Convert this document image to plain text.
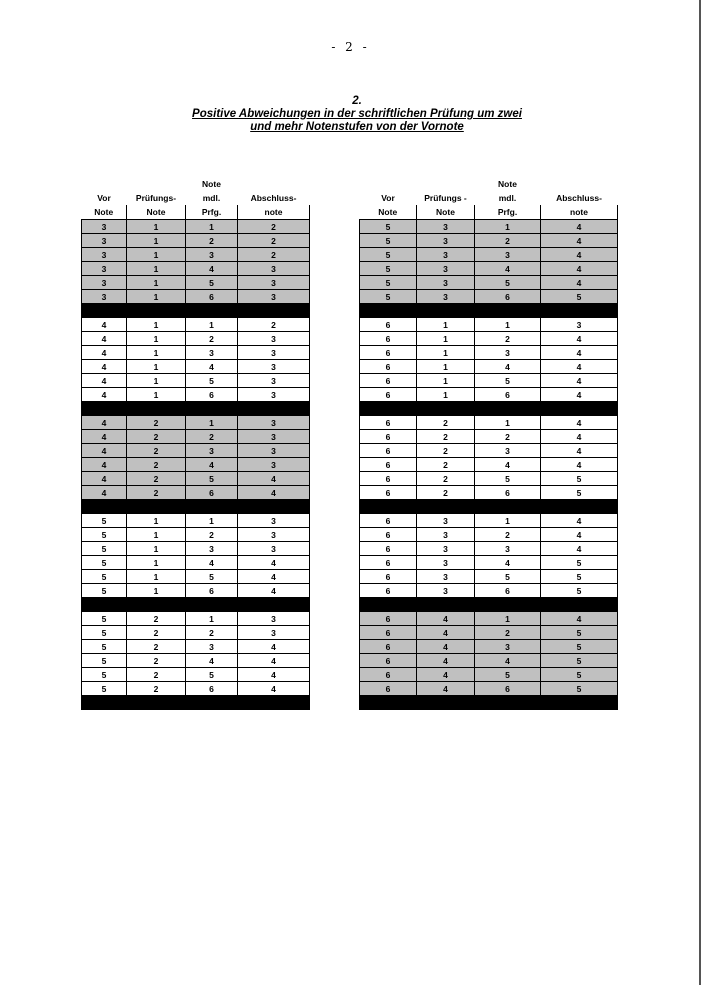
- 2 -
2.
Positive Abweichungen in der schriftlichen Prüfung um zwei
und mehr Notenstufen von der Vornote
		Note	
Vor	Prüfungs-	mdl.	Abschluss-
Note	Note	Prfg.	note
3	1	1	2
3	1	2	2
3	1	3	2
3	1	4	3
3	1	5	3
3	1	6	3

4	1	1	2
4	1	2	3
4	1	3	3
4	1	4	3
4	1	5	3
4	1	6	3

4	2	1	3
4	2	2	3
4	2	3	3
4	2	4	3
4	2	5	4
4	2	6	4

5	1	1	3
5	1	2	3
5	1	3	3
5	1	4	4
5	1	5	4
5	1	6	4

5	2	1	3
5	2	2	3
5	2	3	4
5	2	4	4
5	2	5	4
5	2	6	4

		Note	
Vor	Prüfungs -	mdl.	Abschluss-
Note	Note	Prfg.	note
5	3	1	4
5	3	2	4
5	3	3	4
5	3	4	4
5	3	5	4
5	3	6	5

6	1	1	3
6	1	2	4
6	1	3	4
6	1	4	4
6	1	5	4
6	1	6	4

6	2	1	4
6	2	2	4
6	2	3	4
6	2	4	4
6	2	5	5
6	2	6	5

6	3	1	4
6	3	2	4
6	3	3	4
6	3	4	5
6	3	5	5
6	3	6	5

6	4	1	4
6	4	2	5
6	4	3	5
6	4	4	5
6	4	5	5
6	4	6	5
